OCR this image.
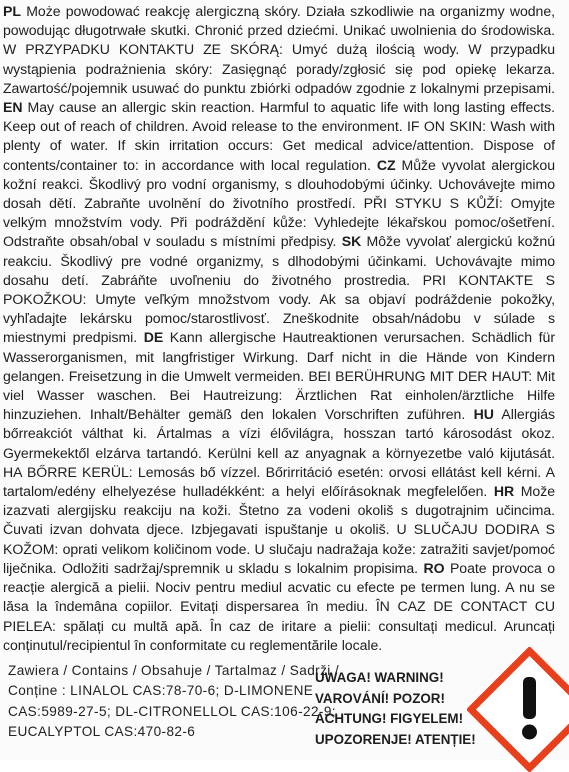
PL Może powodować reakcję alergiczną skóry. Działa szkodliwie na organizmy wodne, powodując długotrwałe skutki. Chronić przed dziećmi. Unikać uwolnienia do środowiska. W PRZYPADKU KONTAKTU ZE SKÓRĄ: Umyć dużą ilością wody. W przypadku wystąpienia podrażnienia skóry: Zasięgnąć porady/zgłosić się pod opiekę lekarza. Zawartość/pojemnik usuwać do punktu zbiórki odpadów zgodnie z lokalnymi przepisami. EN May cause an allergic skin reaction. Harmful to aquatic life with long lasting effects. Keep out of reach of children. Avoid release to the environment. IF ON SKIN: Wash with plenty of water. If skin irritation occurs: Get medical advice/attention. Dispose of contents/container to: in accordance with local regulation. CZ Může vyvolat alergickou kožní reakci. Škodlivý pro vodní organismy, s dlouhodobými účinky. Uchovávejte mimo dosah dětí. Zabraňte uvolnění do životního prostředí. PŘI STYKU S KŮŽÍ: Omyjte velkým množstvím vody. Při podráždění kůže: Vyhledejte lékařskou pomoc/ošetření. Odstraňte obsah/obal v souladu s místními předpisy. SK Môže vyvolať alergickú kožnú reakciu. Škodlivý pre vodné organizmy, s dlhodobými účinkami. Uchovávajte mimo dosahu detí. Zabráňte uvoľneniu do životného prostredia. PRI KONTAKTE S POKOŽKOU: Umyte veľkým množstvom vody. Ak sa objaví podráždenie pokožky, vyhľadajte lekársku pomoc/starostlivosť. Zneškodnite obsah/nádobu v súlade s miestnymi predpismi. DE Kann allergische Hautreaktionen verursachen. Schädlich für Wasserorganismen, mit langfristiger Wirkung. Darf nicht in die Hände von Kindern gelangen. Freisetzung in die Umwelt vermeiden. BEI BERÜHRUNG MIT DER HAUT: Mit viel Wasser waschen. Bei Hautreizung: Ärztlichen Rat einholen/ärztliche Hilfe hinzuziehen. Inhalt/Behälter gemäß den lokalen Vorschriften zuführen. HU Allergiás bőrreakciót válthat ki. Ártalmas a vízi élővilágra, hosszan tartó károsodást okoz. Gyermekektől elzárva tartandó. Kerülni kell az anyagnak a környezetbe való kijutását. HA BŐRRE KERÜL: Lemosás bő vízzel. Bőrirritáció esetén: orvosi ellátást kell kérni. A tartalom/edény elhelyezése hulladékként: a helyi előírásoknak megfelelően. HR Može izazvati alergijsku reakciju na koži. Štetno za vodeni okoliš s dugotrajnim učincima. Čuvati izvan dohvata djece. Izbjegavati ispuštanje u okoliš. U SLUČAJU DODIRA S KOŽOM: oprati velikom količinom vode. U slučaju nadražaja kože: zatražiti savjet/pomoć liječnika. Odložiti sadržaj/spremnik u skladu s lokalnim propisima. RO Poate provoca o reacție alergică a pielii. Nociv pentru mediul acvatic cu efecte pe termen lung. A nu se lăsa la îndemâna copiilor. Evitați dispersarea în mediu. ÎN CAZ DE CONTACT CU PIELEA: spălați cu multă apă. În caz de iritare a pielii: consultați medicul. Aruncați conținutul/recipientul în conformitate cu reglementările locale.
Zawiera / Contains / Obsahuje / Tartalmaz / Sadrži /
Conține : LINALOL CAS:78-70-6; D-LIMONENE
CAS:5989-27-5; DL-CITRONELLOL CAS:106-22-9;
EUCALYPTOL CAS:470-82-6
UWAGA! WARNING!
VAROVÁNÍ! POZOR!
ACHTUNG! FIGYELEM!
UPOZORENJE! ATENȚIE!
